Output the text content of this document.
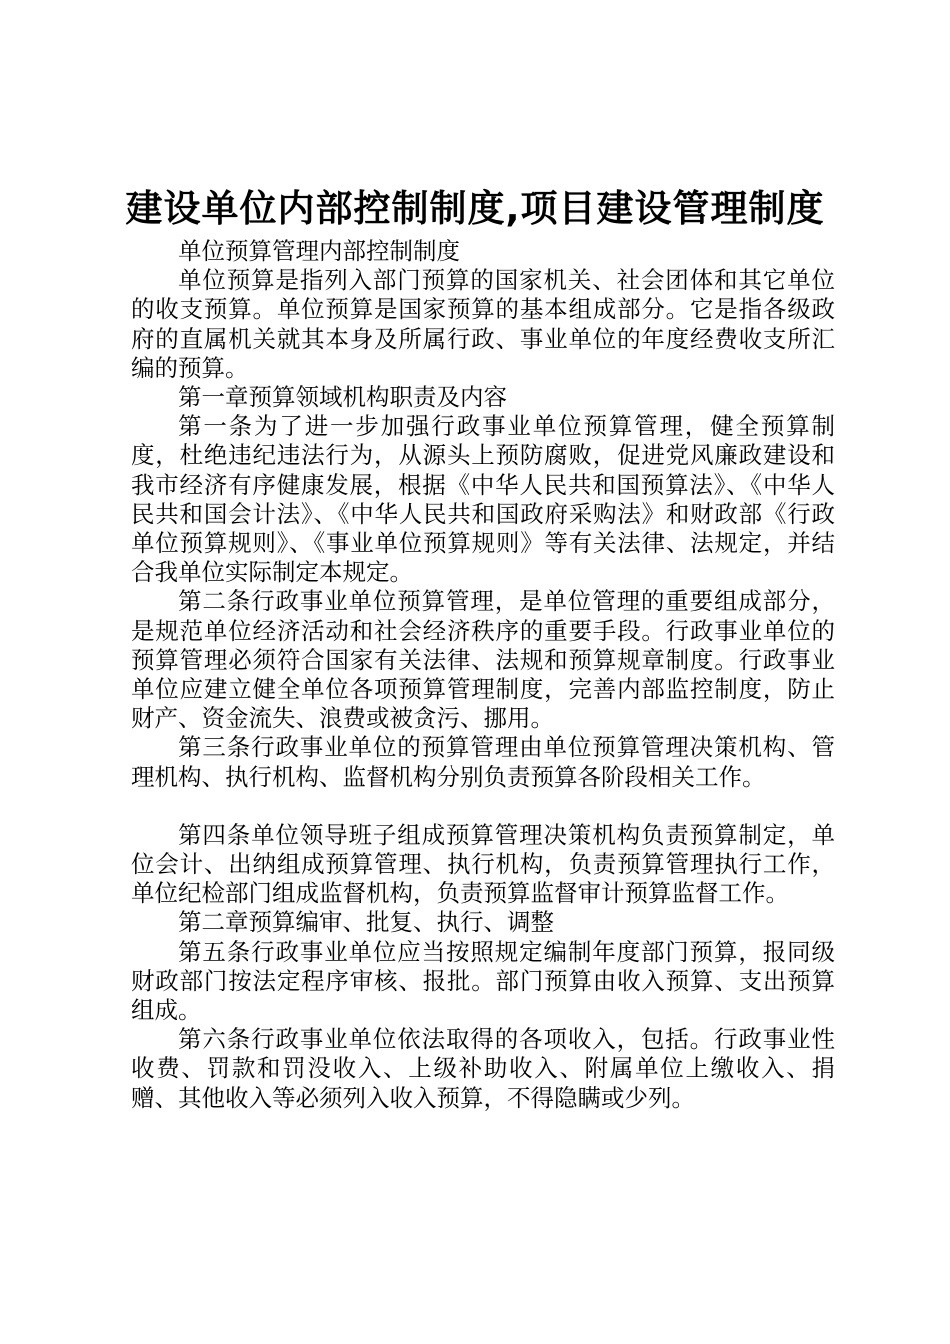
建设单位内部控制制度,项目建设管理制度

单位预算管理内部控制制度

单位预算是指列入部门预算的国家机关、社会团体和其它单位的收支预算。单位预算是国家预算的基本组成部分。它是指各级政府的直属机关就其本身及所属行政、事业单位的年度经费收支所汇编的预算。

第一章预算领域机构职责及内容

第一条为了进一步加强行政事业单位预算管理，健全预算制度，杜绝违纪违法行为，从源头上预防腐败，促进党风廉政建设和我市经济有序健康发展，根据《中华人民共和国预算法》、《中华人民共和国会计法》、《中华人民共和国政府采购法》和财政部《行政单位预算规则》、《事业单位预算规则》等有关法律、法规定，并结合我单位实际制定本规定。

第二条行政事业单位预算管理，是单位管理的重要组成部分，是规范单位经济活动和社会经济秩序的重要手段。行政事业单位的预算管理必须符合国家有关法律、法规和预算规章制度。行政事业单位应建立健全单位各项预算管理制度，完善内部监控制度，防止财产、资金流失、浪费或被贪污、挪用。

第三条行政事业单位的预算管理由单位预算管理决策机构、管理机构、执行机构、监督机构分别负责预算各阶段相关工作。

第四条单位领导班子组成预算管理决策机构负责预算制定，单位会计、出纳组成预算管理、执行机构，负责预算管理执行工作，单位纪检部门组成监督机构，负责预算监督审计预算监督工作。

第二章预算编审、批复、执行、调整

第五条行政事业单位应当按照规定编制年度部门预算，报同级财政部门按法定程序审核、报批。部门预算由收入预算、支出预算组成。

第六条行政事业单位依法取得的各项收入，包括。行政事业性收费、罚款和罚没收入、上级补助收入、附属单位上缴收入、捐赠、其他收入等必须列入收入预算，不得隐瞒或少列。
